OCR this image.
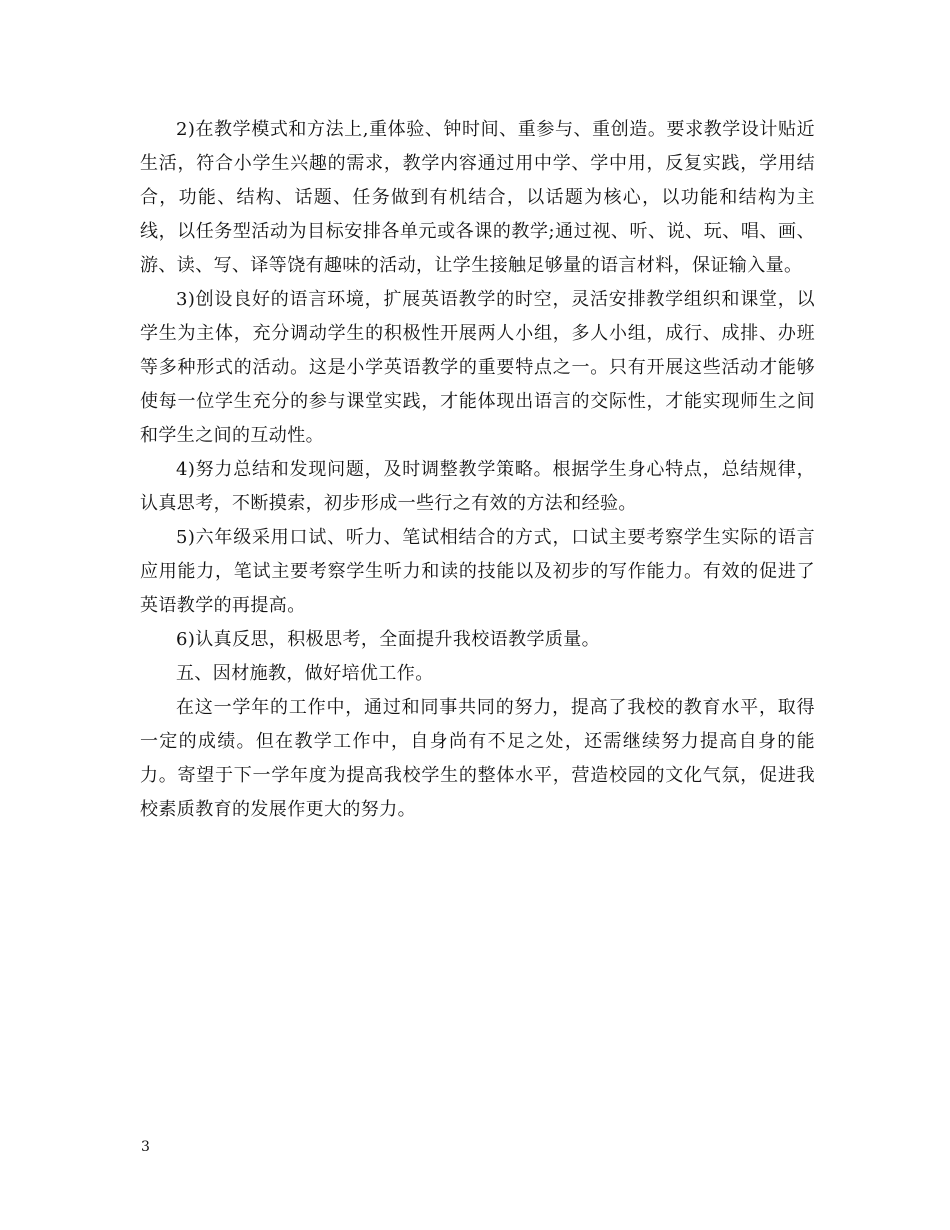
2)在教学模式和方法上,重体验、钟时间、重参与、重创造。要求教学设计贴近生活，符合小学生兴趣的需求，教学内容通过用中学、学中用，反复实践，学用结合，功能、结构、话题、任务做到有机结合，以话题为核心，以功能和结构为主线，以任务型活动为目标安排各单元或各课的教学;通过视、听、说、玩、唱、画、游、读、写、译等饶有趣味的活动，让学生接触足够量的语言材料，保证输入量。

3)创设良好的语言环境，扩展英语教学的时空，灵活安排教学组织和课堂，以学生为主体，充分调动学生的积极性开展两人小组，多人小组，成行、成排、办班等多种形式的活动。这是小学英语教学的重要特点之一。只有开展这些活动才能够使每一位学生充分的参与课堂实践，才能体现出语言的交际性，才能实现师生之间和学生之间的互动性。

4)努力总结和发现问题，及时调整教学策略。根据学生身心特点，总结规律，认真思考，不断摸索，初步形成一些行之有效的方法和经验。

5)六年级采用口试、听力、笔试相结合的方式，口试主要考察学生实际的语言应用能力，笔试主要考察学生听力和读的技能以及初步的写作能力。有效的促进了英语教学的再提高。

6)认真反思，积极思考，全面提升我校语教学质量。

五、因材施教，做好培优工作。

在这一学年的工作中，通过和同事共同的努力，提高了我校的教育水平，取得一定的成绩。但在教学工作中，自身尚有不足之处，还需继续努力提高自身的能力。寄望于下一学年度为提高我校学生的整体水平，营造校园的文化气氛，促进我校素质教育的发展作更大的努力。

3
